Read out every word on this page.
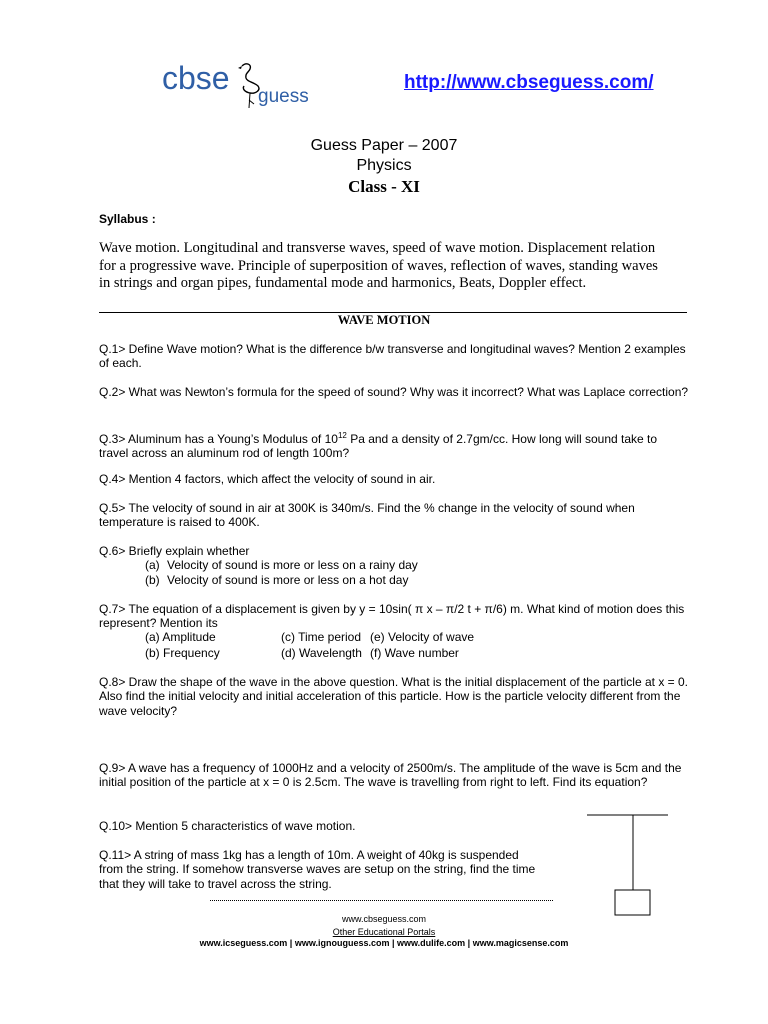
cbse
guess
http://www.cbseguess.com/
Guess Paper – 2007
Physics
Class - XI
Syllabus :
Wave motion. Longitudinal and transverse waves, speed of wave motion. Displacement relation for a progressive wave. Principle of superposition of waves, reflection of waves, standing waves in strings and organ pipes, fundamental mode and harmonics, Beats, Doppler effect.
WAVE MOTION
Q.1> Define Wave motion? What is the difference b/w transverse and longitudinal waves? Mention 2 examples of each.
Q.2> What was Newton’s formula for the speed of sound? Why was it incorrect? What was Laplace correction?
Q.3> Aluminum has a Young’s Modulus of $10^{12}$ Pa and a density of 2.7gm/cc. How long will sound take to travel across an aluminum rod of length 100m?
Q.4> Mention 4 factors, which affect the velocity of sound in air.
Q.5> The velocity of sound in air at 300K is 340m/s. Find the % change in the velocity of sound when temperature is raised to 400K.
Q.6> Briefly explain whether
(a) Velocity of sound is more or less on a rainy day
(b) Velocity of sound is more or less on a hot day
Q.7> The equation of a displacement is given by y = 10sin( π x – π/2 t + π/6) m. What kind of motion does this represent? Mention its
(a) Amplitude	(c) Time period (e) Velocity of wave
(b) Frequency	(d) Wavelength (f) Wave number
Q.8> Draw the shape of the wave in the above question. What is the initial displacement of the particle at x = 0. Also find the initial velocity and initial acceleration of this particle. How is the particle velocity different from the wave velocity?
Q.9> A wave has a frequency of 1000Hz and a velocity of 2500m/s. The amplitude of the wave is 5cm and the initial position of the particle at x = 0 is 2.5cm. The wave is travelling from right to left. Find its equation?
Q.10> Mention 5 characteristics of wave motion.
Q.11> A string of mass 1kg has a length of 10m. A weight of 40kg is suspended from the string. If somehow transverse waves are setup on the string, find the time that they will take to travel across the string.
www.cbseguess.com
Other Educational Portals
www.icseguess.com | www.ignouguess.com | www.dulife.com | www.magicsense.com
